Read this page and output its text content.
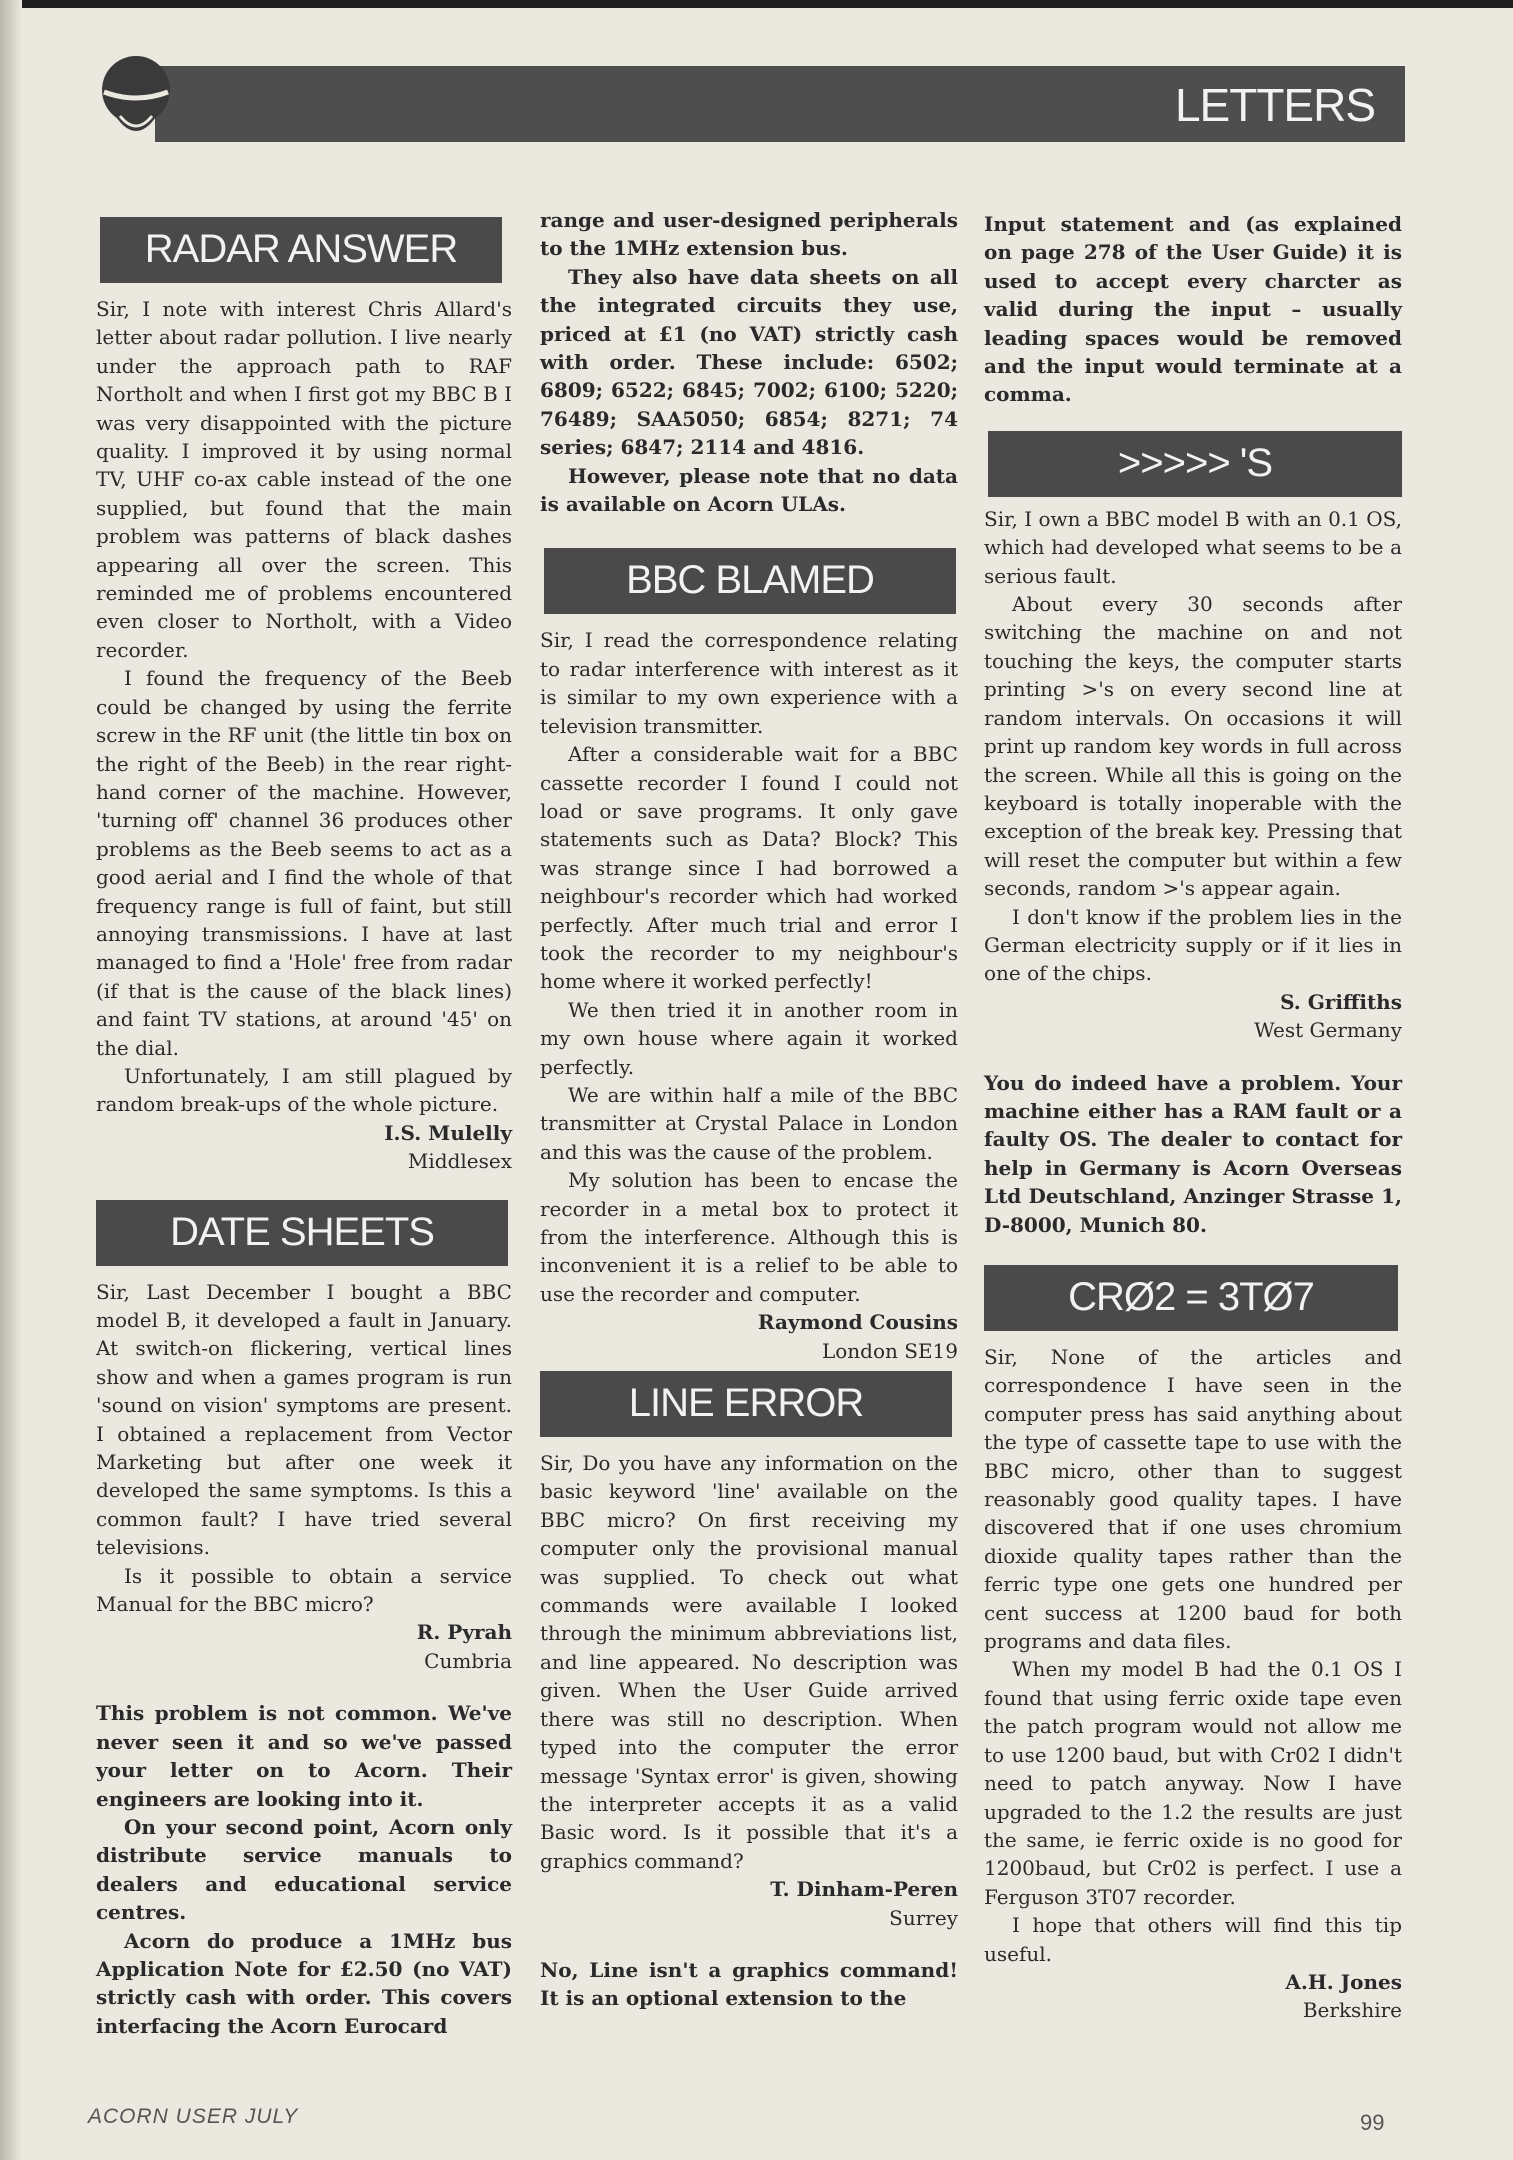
LETTERS
RADAR ANSWER

Sir, I note with interest Chris Allard's letter about radar pollution. I live nearly under the approach path to RAF Northolt and when I first got my BBC B I was very disappointed with the picture quality. I improved it by using normal TV, UHF co-ax cable instead of the one supplied, but found that the main problem was patterns of black dashes appearing all over the screen. This reminded me of problems encountered even closer to Northolt, with a Video recorder.

I found the frequency of the Beeb could be changed by using the ferrite screw in the RF unit (the little tin box on the right of the Beeb) in the rear right-hand corner of the machine. However, 'turning off' channel 36 produces other problems as the Beeb seems to act as a good aerial and I find the whole of that frequency range is full of faint, but still annoying transmissions. I have at last managed to find a 'Hole' free from radar (if that is the cause of the black lines) and faint TV stations, at around '45' on the dial.

Unfortunately, I am still plagued by random break-ups of the whole picture.

I.S. Mulelly
Middlesex
DATE SHEETS

Sir, Last December I bought a BBC model B, it developed a fault in January. At switch-on flickering, vertical lines show and when a games program is run 'sound on vision' symptoms are present. I obtained a replacement from Vector Marketing but after one week it developed the same symptoms. Is this a common fault? I have tried several televisions.

Is it possible to obtain a service Manual for the BBC micro?

R. Pyrah
Cumbria

This problem is not common. We've never seen it and so we've passed your letter on to Acorn. Their engineers are looking into it.

On your second point, Acorn only distribute service manuals to dealers and educational service centres.

Acorn do produce a 1MHz bus Application Note for £2.50 (no VAT) strictly cash with order. This covers interfacing the Acorn Eurocard

range and user-designed peripherals to the 1MHz extension bus.

They also have data sheets on all the integrated circuits they use, priced at £1 (no VAT) strictly cash with order. These include: 6502; 6809; 6522; 6845; 7002; 6100; 5220; 76489; SAA5050; 6854; 8271; 74 series; 6847; 2114 and 4816.

However, please note that no data is available on Acorn ULAs.

BBC BLAMED

Sir, I read the correspondence relating to radar interference with interest as it is similar to my own experience with a television transmitter.

After a considerable wait for a BBC cassette recorder I found I could not load or save programs. It only gave statements such as Data? Block? This was strange since I had borrowed a neighbour's recorder which had worked perfectly. After much trial and error I took the recorder to my neighbour's home where it worked perfectly!

We then tried it in another room in my own house where again it worked perfectly.

We are within half a mile of the BBC transmitter at Crystal Palace in London and this was the cause of the problem.

My solution has been to encase the recorder in a metal box to protect it from the interference. Although this is inconvenient it is a relief to be able to use the recorder and computer.

Raymond Cousins
London SE19
LINE ERROR

Sir, Do you have any information on the basic keyword 'line' available on the BBC micro? On first receiving my computer only the provisional manual was supplied. To check out what commands were available I looked through the minimum abbreviations list, and line appeared. No description was given. When the User Guide arrived there was still no description. When typed into the computer the error message 'Syntax error' is given, showing the interpreter accepts it as a valid Basic word. Is it possible that it's a graphics command?

T. Dinham-Peren
Surrey

No, Line isn't a graphics command! It is an optional extension to the

Input statement and (as explained on page 278 of the User Guide) it is used to accept every charcter as valid during the input – usually leading spaces would be removed and the input would terminate at a comma.

>>>>> 'S

Sir, I own a BBC model B with an 0.1 OS, which had developed what seems to be a serious fault.

About every 30 seconds after switching the machine on and not touching the keys, the computer starts printing >'s on every second line at random intervals. On occasions it will print up random key words in full across the screen. While all this is going on the keyboard is totally inoperable with the exception of the break key. Pressing that will reset the computer but within a few seconds, random >'s appear again.

I don't know if the problem lies in the German electricity supply or if it lies in one of the chips.

S. Griffiths
West Germany

You do indeed have a problem. Your machine either has a RAM fault or a faulty OS. The dealer to contact for help in Germany is Acorn Overseas Ltd Deutschland, Anzinger Strasse 1, D-8000, Munich 80.

CRØ2 = 3TØ7

Sir, None of the articles and correspondence I have seen in the computer press has said anything about the type of cassette tape to use with the BBC micro, other than to suggest reasonably good quality tapes. I have discovered that if one uses chromium dioxide quality tapes rather than the ferric type one gets one hundred per cent success at 1200 baud for both programs and data files.

When my model B had the 0.1 OS I found that using ferric oxide tape even the patch program would not allow me to use 1200 baud, but with Cr02 I didn't need to patch anyway. Now I have upgraded to the 1.2 the results are just the same, ie ferric oxide is no good for 1200baud, but Cr02 is perfect. I use a Ferguson 3T07 recorder.

I hope that others will find this tip useful.

A.H. Jones
Berkshire
ACORN USER JULY	99
